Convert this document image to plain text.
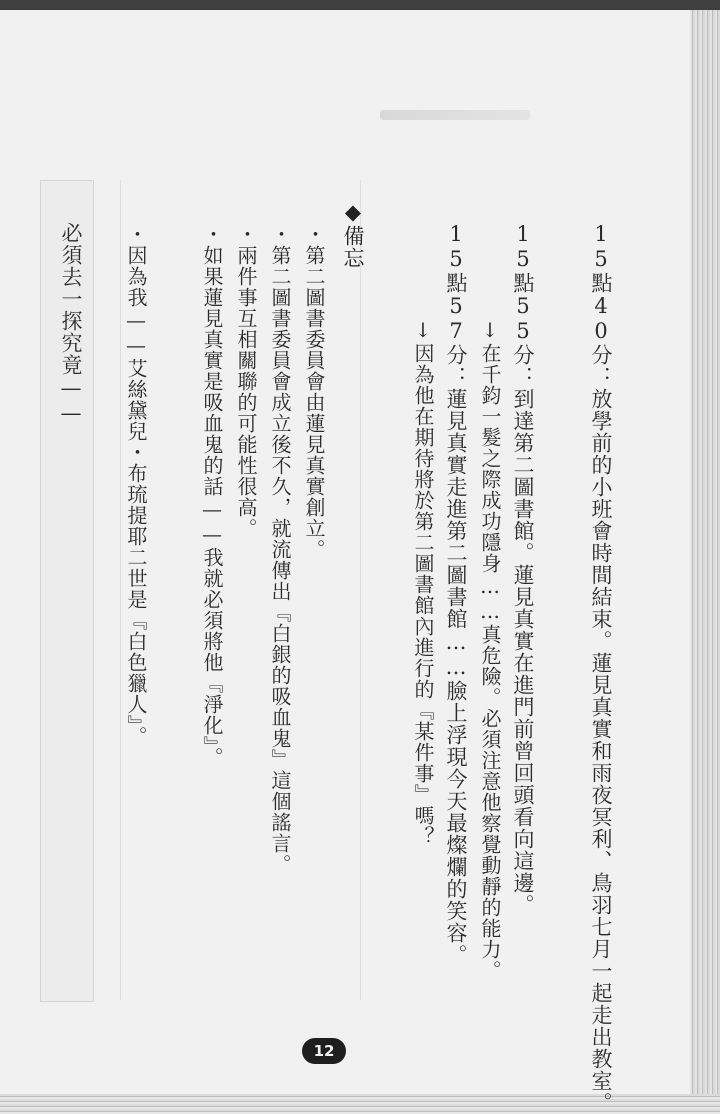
15點40分：放學前的小班會時間結束。蓮見真實和雨夜冥利、鳥羽七月一起走出教室。
15點55分：到達第二圖書館。蓮見真實在進門前曾回頭看向這邊。
↓在千鈞一髮之際成功隱身……真危險。必須注意他察覺動靜的能力。
15點57分：蓮見真實走進第二圖書館……臉上浮現今天最燦爛的笑容。
↓因為他在期待將於第二圖書館內進行的『某件事』嗎？
◆備忘
・第二圖書委員會由蓮見真實創立。
・第二圖書委員會成立後不久，就流傳出『白銀的吸血鬼』這個謠言。
・兩件事互相關聯的可能性很高。
・如果蓮見真實是吸血鬼的話——我就必須將他『淨化』。
・因為我——艾絲黛兒・布琉提耶二世是『白色獵人』。
必須去一探究竟——
12
